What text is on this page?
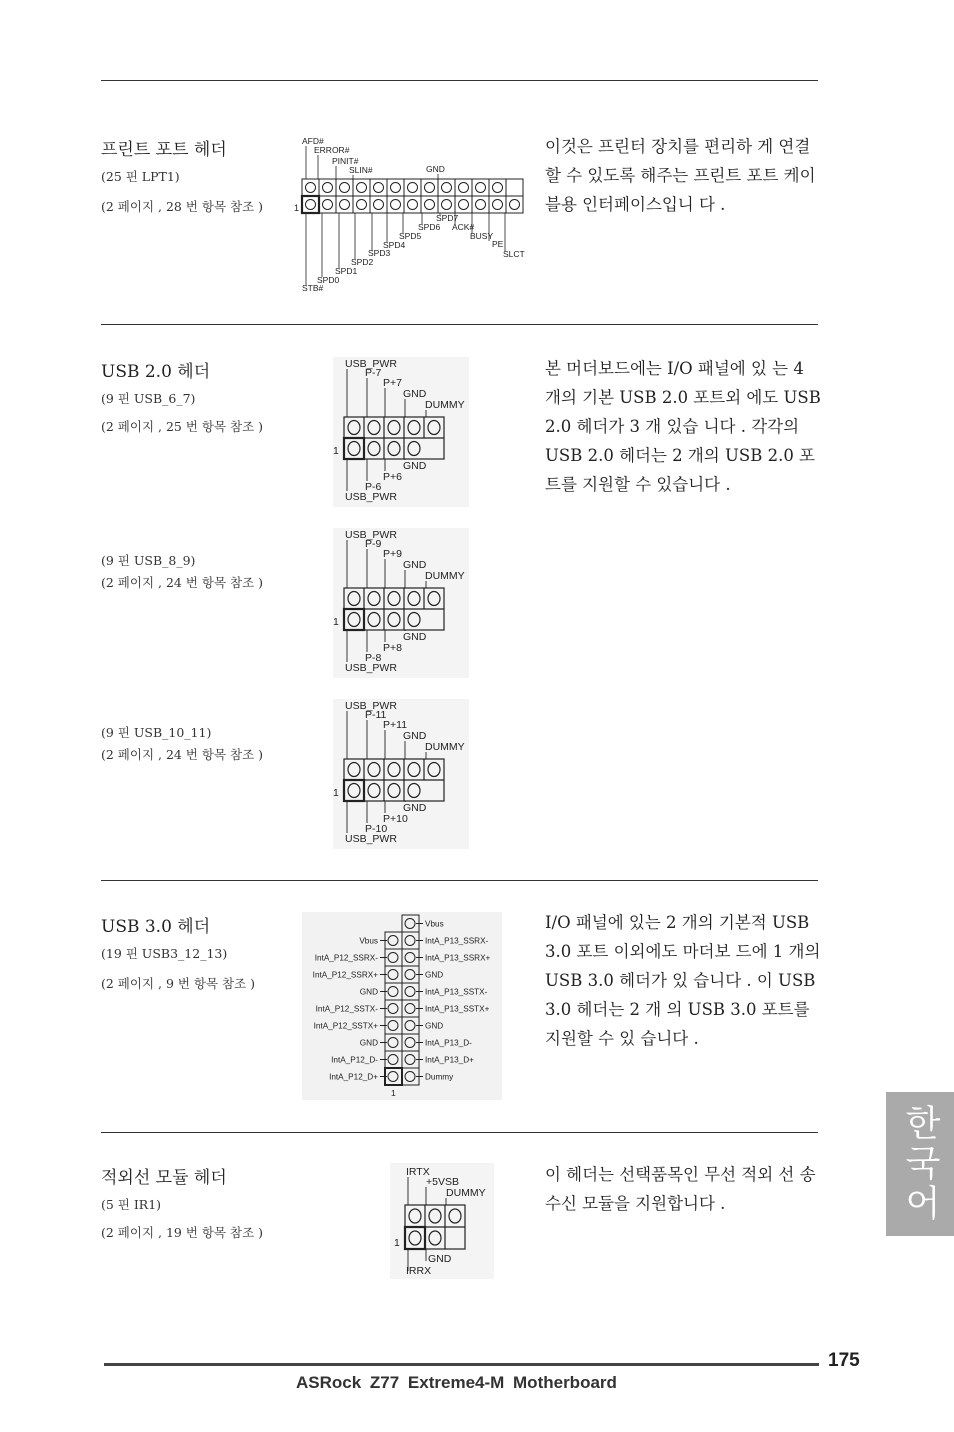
프린트 포트 헤더
(25 핀 LPT1)
(2 페이지 , 28 번 항목 참조 )
이것은 프린터 장치를 편리하 게 연결할 수 있도록 해주는 프린트 포트 케이블용 인터페이스입니 다 .
AFD#
ERROR#
PINIT#
SLIN#	GND
SPD7
SPD6 ACK#
SPD5	BUSY
SPD4	PE
SPD3	SLCT
SPD2
SPD1
SPD0
STB#
1
USB 2.0 헤더
(9 핀 USB_6_7)
(2 페이지 , 25 번 항목 참조 )
(9 핀 USB_8_9)
(2 페이지 , 24 번 항목 참조 )
(9 핀 USB_10_11)
(2 페이지 , 24 번 항목 참조 )
본 머더보드에는 I/O 패널에 있 는 4 개의 기본 USB 2.0 포트외 에도 USB 2.0 헤더가 3 개 있습 니다 . 각각의 USB 2.0 헤더는 2 개의 USB 2.0 포트를 지원할 수 있습니다 .
USB_PWR
P-7
P+7
GND
DUMMY
GND
P+6
P-6
USB_PWR
1
USB_PWR
P-9
P+9
GND
DUMMY
GND
P+8
P-8
USB_PWR
1
USB_PWR
P-11
P+11
GND
DUMMY
GND
P+10
P-10
USB_PWR
1
USB 3.0 헤더
(19 핀 USB3_12_13)
(2 페이지 , 9 번 항목 참조 )
I/O 패널에 있는 2 개의 기본적 USB 3.0 포트 이외에도 마더보 드에 1 개의 USB 3.0 헤더가 있 습니다 . 이 USB 3.0 헤더는 2 개 의 USB 3.0 포트를 지원할 수 있 습니다 .
Vbus
IntA_P13_SSRX-
IntA_P13_SSRX+
GND
IntA_P13_SSTX-
IntA_P13_SSTX+
GND
IntA_P13_D-
IntA_P13_D+
Dummy
Vbus
IntA_P12_SSRX-
IntA_P12_SSRX+
GND
IntA_P12_SSTX-
IntA_P12_SSTX+
GND
IntA_P12_D-
IntA_P12_D+
1
적외선 모듈 헤더
(5 핀 IR1)
(2 페이지 , 19 번 항목 참조 )
이 헤더는 선택품목인 무선 적외 선 송수신 모듈을 지원합니다 .
IRTX
+5VSB
DUMMY
GND
IRRX
1
한국어
175
ASRock Z77 Extreme4-M Motherboard
